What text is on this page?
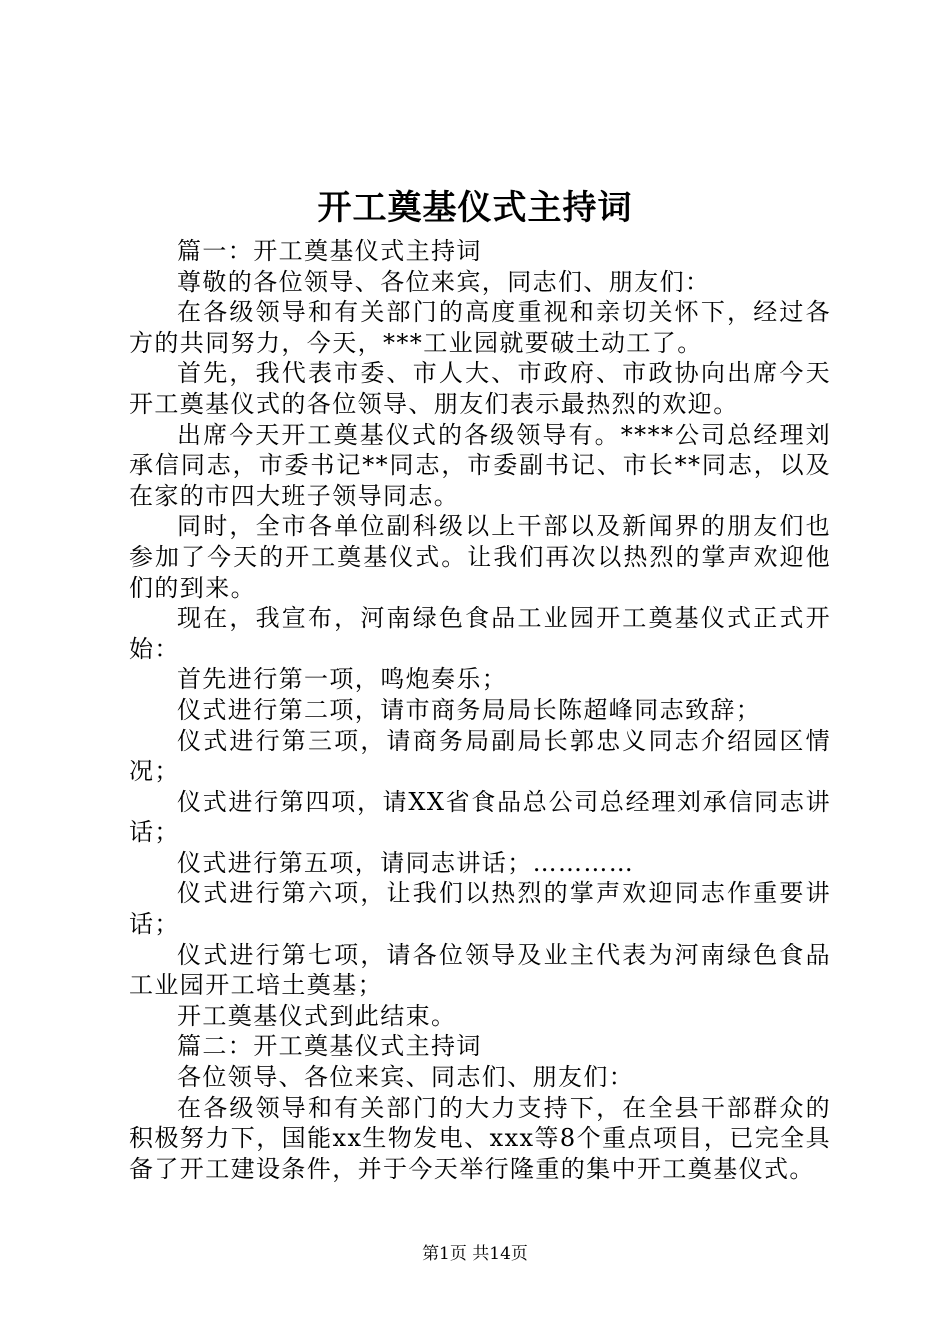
开工奠基仪式主持词

篇一：开工奠基仪式主持词

尊敬的各位领导、各位来宾，同志们、朋友们：

在各级领导和有关部门的高度重视和亲切关怀下，经过各方的共同努力，今天，***工业园就要破土动工了。

首先，我代表市委、市人大、市政府、市政协向出席今天开工奠基仪式的各位领导、朋友们表示最热烈的欢迎。

出席今天开工奠基仪式的各级领导有。****公司总经理刘承信同志，市委书记**同志，市委副书记、市长**同志，以及在家的市四大班子领导同志。

同时，全市各单位副科级以上干部以及新闻界的朋友们也参加了今天的开工奠基仪式。让我们再次以热烈的掌声欢迎他们的到来。

现在，我宣布，河南绿色食品工业园开工奠基仪式正式开始：

首先进行第一项，鸣炮奏乐；

仪式进行第二项，请市商务局局长陈超峰同志致辞；

仪式进行第三项，请商务局副局长郭忠义同志介绍园区情况；

仪式进行第四项，请XX省食品总公司总经理刘承信同志讲话；

仪式进行第五项，请同志讲话；…………

仪式进行第六项，让我们以热烈的掌声欢迎同志作重要讲话；

仪式进行第七项，请各位领导及业主代表为河南绿色食品工业园开工培土奠基；

开工奠基仪式到此结束。

篇二：开工奠基仪式主持词

各位领导、各位来宾、同志们、朋友们：

在各级领导和有关部门的大力支持下，在全县干部群众的积极努力下，国能xx生物发电、xxx等8个重点项目，已完全具备了开工建设条件，并于今天举行隆重的集中开工奠基仪式。

第1页 共14页
